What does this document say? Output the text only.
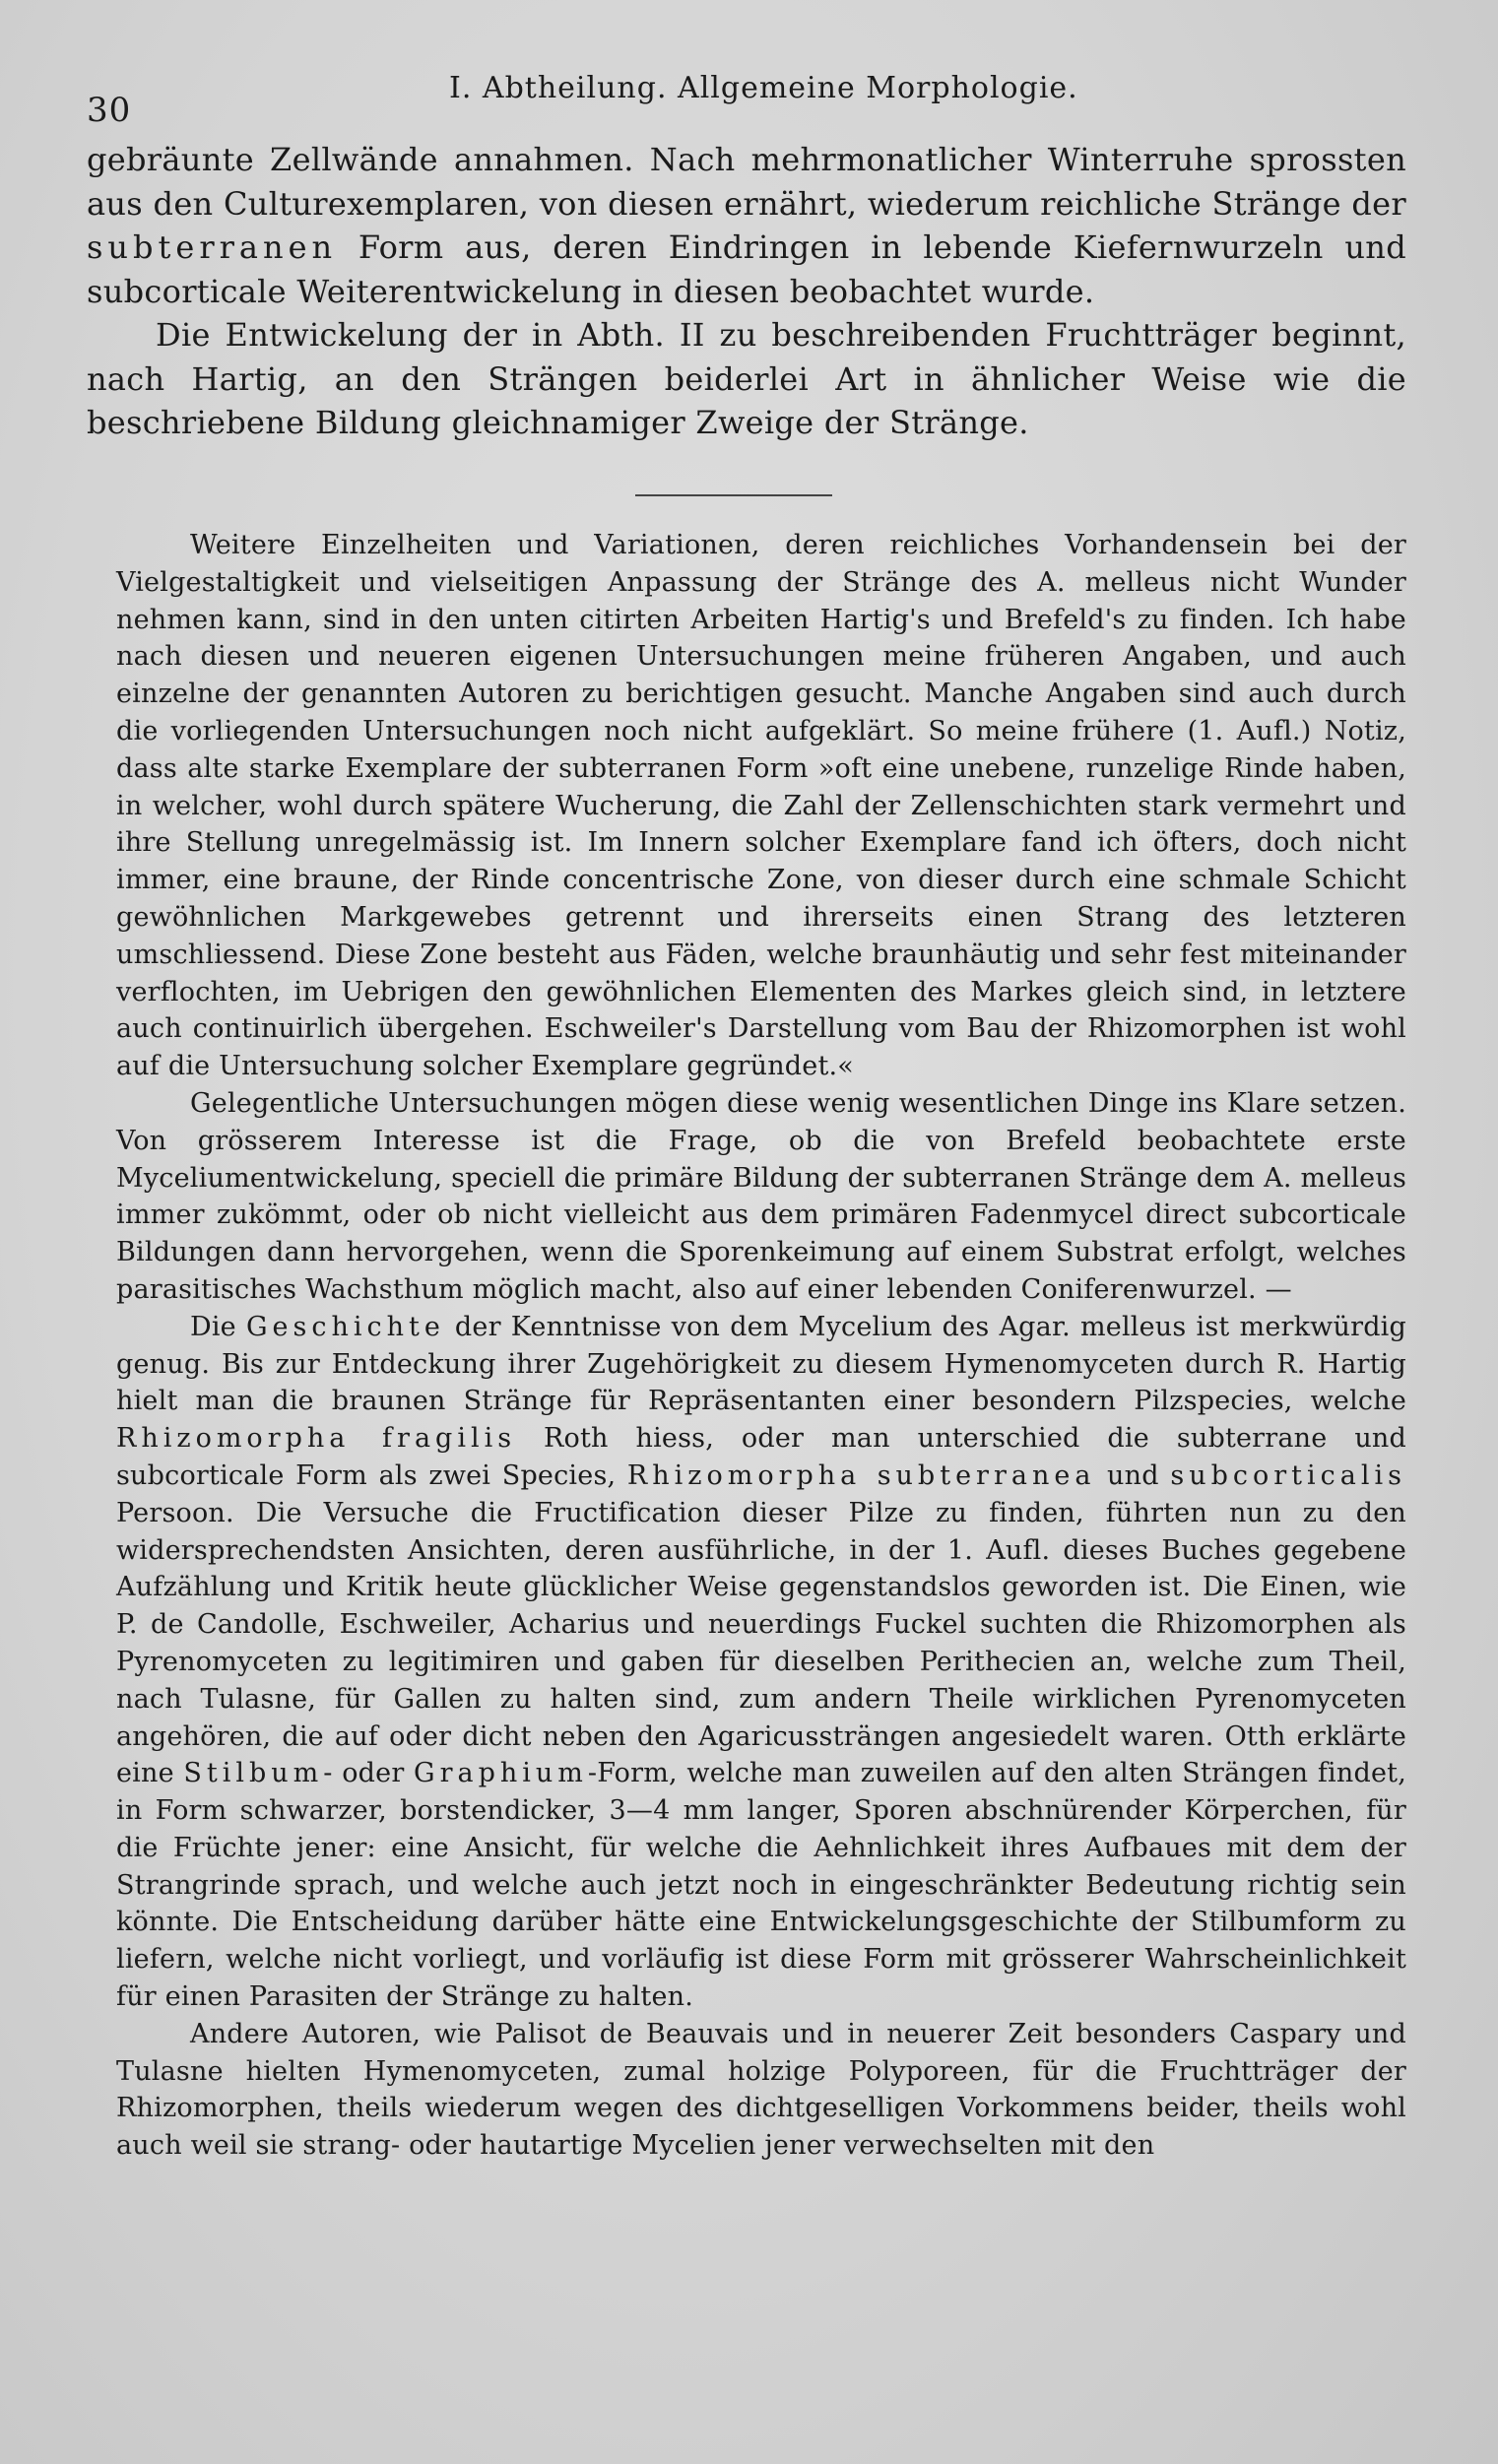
30
I. Abtheilung. Allgemeine Morphologie.

gebräunte Zellwände annahmen. Nach mehrmonatlicher Winterruhe sprossten aus den Culturexemplaren, von diesen ernährt, wiederum reichliche Stränge der subterranen Form aus, deren Eindringen in lebende Kiefernwurzeln und subcorticale Weiterentwickelung in diesen beobachtet wurde.

Die Entwickelung der in Abth. II zu beschreibenden Fruchtträger beginnt, nach Hartig, an den Strängen beiderlei Art in ähnlicher Weise wie die beschriebene Bildung gleichnamiger Zweige der Stränge.

Weitere Einzelheiten und Variationen, deren reichliches Vorhandensein bei der Vielgestaltigkeit und vielseitigen Anpassung der Stränge des A. melleus nicht Wunder nehmen kann, sind in den unten citirten Arbeiten Hartig's und Brefeld's zu finden. Ich habe nach diesen und neueren eigenen Untersuchungen meine früheren Angaben, und auch einzelne der genannten Autoren zu berichtigen gesucht. Manche Angaben sind auch durch die vorliegenden Untersuchungen noch nicht aufgeklärt. So meine frühere (1. Aufl.) Notiz, dass alte starke Exemplare der subterranen Form »oft eine unebene, runzelige Rinde haben, in welcher, wohl durch spätere Wucherung, die Zahl der Zellenschichten stark vermehrt und ihre Stellung unregelmässig ist. Im Innern solcher Exemplare fand ich öfters, doch nicht immer, eine braune, der Rinde concentrische Zone, von dieser durch eine schmale Schicht gewöhnlichen Markgewebes getrennt und ihrerseits einen Strang des letzteren umschliessend. Diese Zone besteht aus Fäden, welche braunhäutig und sehr fest miteinander verflochten, im Uebrigen den gewöhnlichen Elementen des Markes gleich sind, in letztere auch continuirlich übergehen. Eschweiler's Darstellung vom Bau der Rhizomorphen ist wohl auf die Untersuchung solcher Exemplare gegründet.«

Gelegentliche Untersuchungen mögen diese wenig wesentlichen Dinge ins Klare setzen. Von grösserem Interesse ist die Frage, ob die von Brefeld beobachtete erste Myceliumentwickelung, speciell die primäre Bildung der subterranen Stränge dem A. melleus immer zukömmt, oder ob nicht vielleicht aus dem primären Fadenmycel direct subcorticale Bildungen dann hervorgehen, wenn die Sporenkeimung auf einem Substrat erfolgt, welches parasitisches Wachsthum möglich macht, also auf einer lebenden Coniferenwurzel. —

Die Geschichte der Kenntnisse von dem Mycelium des Agar. melleus ist merkwürdig genug. Bis zur Entdeckung ihrer Zugehörigkeit zu diesem Hymenomyceten durch R. Hartig hielt man die braunen Stränge für Repräsentanten einer besondern Pilzspecies, welche Rhizomorpha fragilis Roth hiess, oder man unterschied die subterrane und subcorticale Form als zwei Species, Rhizomorpha subterranea und subcorticalis Persoon. Die Versuche die Fructification dieser Pilze zu finden, führten nun zu den widersprechendsten Ansichten, deren ausführliche, in der 1. Aufl. dieses Buches gegebene Aufzählung und Kritik heute glücklicher Weise gegenstandslos geworden ist. Die Einen, wie P. de Candolle, Eschweiler, Acharius und neuerdings Fuckel suchten die Rhizomorphen als Pyrenomyceten zu legitimiren und gaben für dieselben Perithecien an, welche zum Theil, nach Tulasne, für Gallen zu halten sind, zum andern Theile wirklichen Pyrenomyceten angehören, die auf oder dicht neben den Agaricussträngen angesiedelt waren. Otth erklärte eine Stilbum- oder Graphium-Form, welche man zuweilen auf den alten Strängen findet, in Form schwarzer, borstendicker, 3—4 mm langer, Sporen abschnürender Körperchen, für die Früchte jener: eine Ansicht, für welche die Aehnlichkeit ihres Aufbaues mit dem der Strangrinde sprach, und welche auch jetzt noch in eingeschränkter Bedeutung richtig sein könnte. Die Entscheidung darüber hätte eine Entwickelungsgeschichte der Stilbumform zu liefern, welche nicht vorliegt, und vorläufig ist diese Form mit grösserer Wahrscheinlichkeit für einen Parasiten der Stränge zu halten.

Andere Autoren, wie Palisot de Beauvais und in neuerer Zeit besonders Caspary und Tulasne hielten Hymenomyceten, zumal holzige Polyporeen, für die Fruchtträger der Rhizomorphen, theils wiederum wegen des dichtgeselligen Vorkommens beider, theils wohl auch weil sie strang- oder hautartige Mycelien jener verwechselten mit den
